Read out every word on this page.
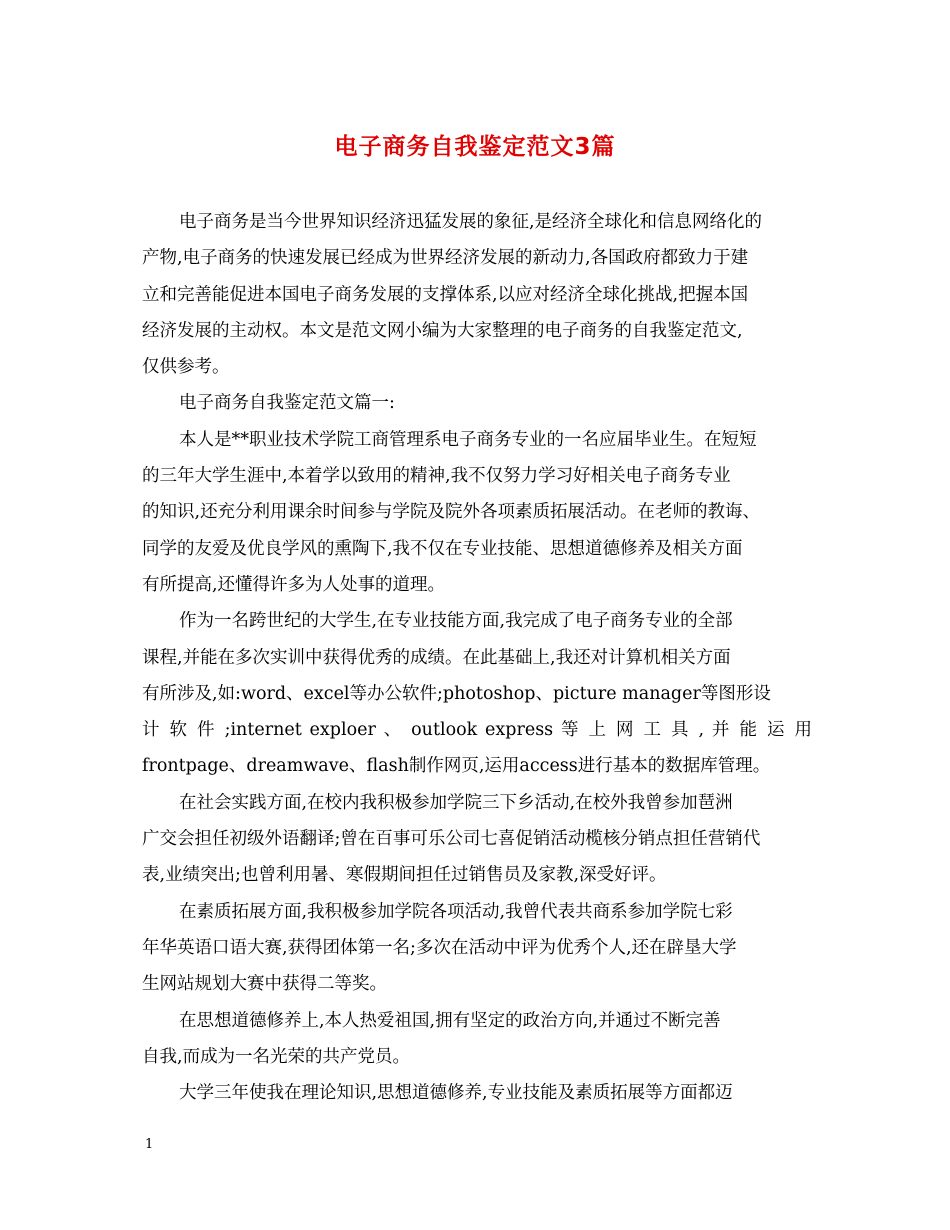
电子商务自我鉴定范文3篇
电子商务是当今世界知识经济迅猛发展的象征,是经济全球化和信息网络化的
产物,电子商务的快速发展已经成为世界经济发展的新动力,各国政府都致力于建
立和完善能促进本国电子商务发展的支撑体系,以应对经济全球化挑战,把握本国
经济发展的主动权。本文是范文网小编为大家整理的电子商务的自我鉴定范文,
仅供参考。
电子商务自我鉴定范文篇一:
本人是**职业技术学院工商管理系电子商务专业的一名应届毕业生。在短短
的三年大学生涯中,本着学以致用的精神,我不仅努力学习好相关电子商务专业
的知识,还充分利用课余时间参与学院及院外各项素质拓展活动。在老师的教诲、
同学的友爱及优良学风的熏陶下,我不仅在专业技能、思想道德修养及相关方面
有所提高,还懂得许多为人处事的道理。
作为一名跨世纪的大学生,在专业技能方面,我完成了电子商务专业的全部
课程,并能在多次实训中获得优秀的成绩。在此基础上,我还对计算机相关方面
有所涉及,如:word、excel等办公软件;photoshop、picture manager等图形设
计 软 件 ;internet exploer 、 outlook express 等 上 网 工 具 , 并 能 运 用
frontpage、dreamwave、flash制作网页,运用access进行基本的数据库管理。
在社会实践方面,在校内我积极参加学院三下乡活动,在校外我曾参加琶洲
广交会担任初级外语翻译;曾在百事可乐公司七喜促销活动榄核分销点担任营销代
表,业绩突出;也曾利用暑、寒假期间担任过销售员及家教,深受好评。
在素质拓展方面,我积极参加学院各项活动,我曾代表共商系参加学院七彩
年华英语口语大赛,获得团体第一名;多次在活动中评为优秀个人,还在辟垦大学
生网站规划大赛中获得二等奖。
在思想道德修养上,本人热爱祖国,拥有坚定的政治方向,并通过不断完善
自我,而成为一名光荣的共产党员。
大学三年使我在理论知识,思想道德修养,专业技能及素质拓展等方面都迈
1
